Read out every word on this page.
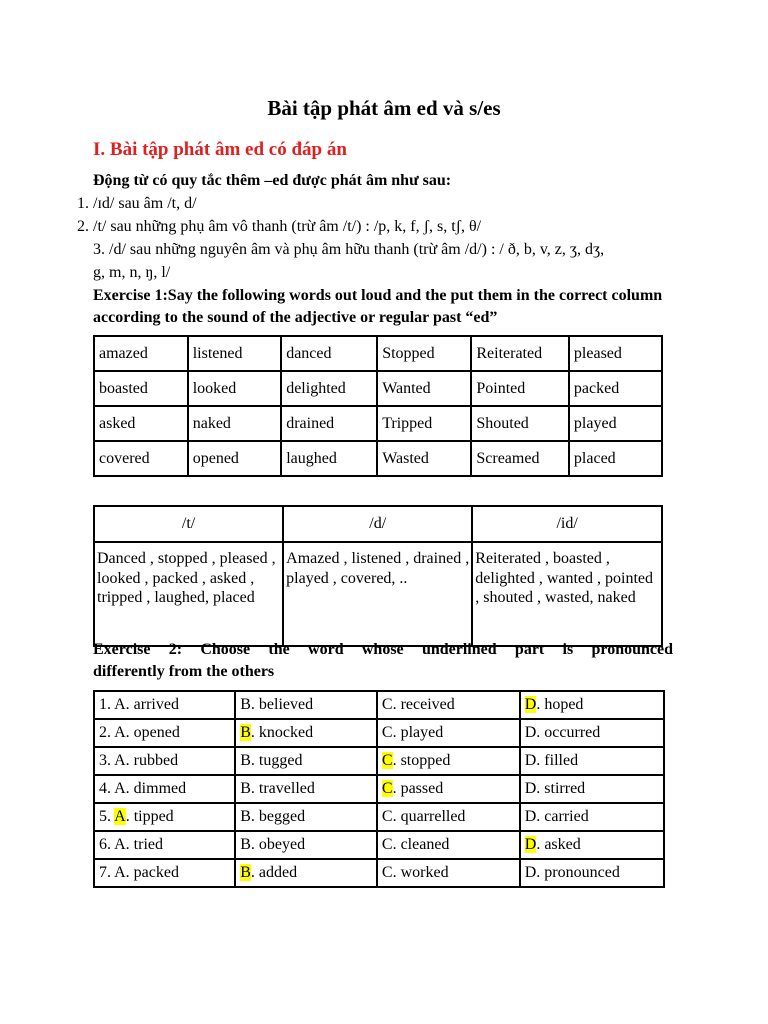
Bài tập phát âm ed và s/es
I. Bài tập phát âm ed có đáp án
Động từ có quy tắc thêm –ed được phát âm như sau:
1. /ɪd/ sau âm /t, d/
2. /t/ sau những phụ âm vô thanh (trừ âm /t/) : /p, k, f, ʃ, s, tʃ, θ/
3. /d/ sau những nguyên âm và phụ âm hữu thanh (trừ âm /d/) : / ð, b, v, z, ʒ, dʒ,
g, m, n, ŋ, l/
Exercise 1:Say the following words out loud and the put them in the correct column according to the sound of the adjective or regular past “ed”
amazed	listened	danced	Stopped	Reiterated	pleased
boasted	looked	delighted	Wanted	Pointed	packed
asked	naked	drained	Tripped	Shouted	played
covered	opened	laughed	Wasted	Screamed	placed
/t/	/d/	/id/
Danced , stopped , pleased , looked , packed , asked , tripped , laughed, placed	Amazed , listened , drained , played , covered, ..	Reiterated , boasted , delighted , wanted , pointed , shouted , wasted, naked
Exercise 2: Choose the word whose underlined part is pronounced
differently from the others
1. A. arrived	B. believed	C. received	D. hoped
2. A. opened	B. knocked	C. played	D. occurred
3. A. rubbed	B. tugged	C. stopped	D. filled
4. A. dimmed	B. travelled	C. passed	D. stirred
5. A. tipped	B. begged	C. quarrelled	D. carried
6. A. tried	B. obeyed	C. cleaned	D. asked
7. A. packed	B. added	C. worked	D. pronounced
